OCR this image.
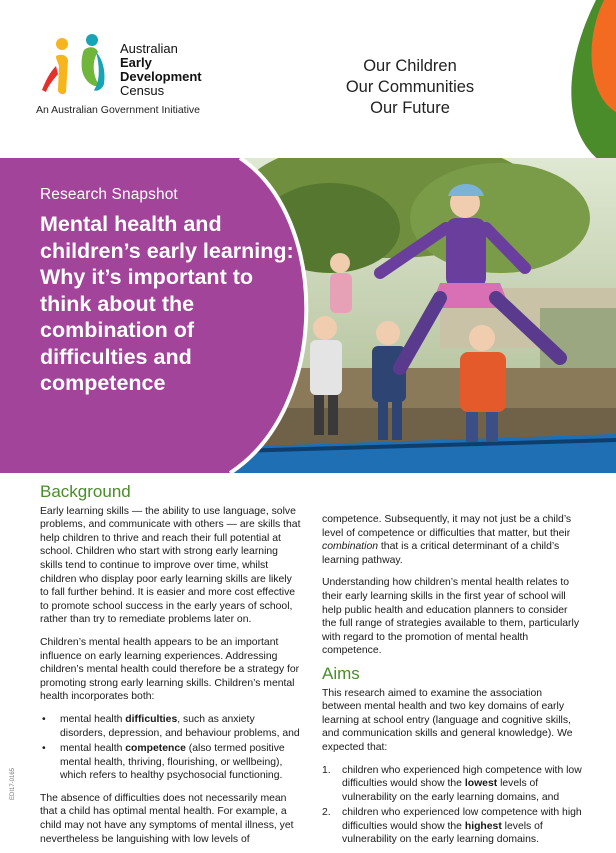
Australian
Early
Development
Census
An Australian Government Initiative
Our Children
Our Communities
Our Future
Research Snapshot
Mental health and children’s early learning: Why it’s important to think about the combination of difficulties and competence
Background

Early learning skills — the ability to use language, solve problems, and communicate with others — are skills that help children to thrive and reach their full potential at school. Children who start with strong early learning skills tend to continue to improve over time, whilst children who display poor early learning skills are likely to fall further behind. It is easier and more cost effective to promote school success in the early years of school, rather than try to remediate problems later on.

Children’s mental health appears to be an important influence on early learning experiences. Addressing children’s mental health could therefore be a strategy for promoting strong early learning skills. Children’s mental health incorporates both:

• mental health difficulties, such as anxiety disorders, depression, and behaviour problems, and
• mental health competence (also termed positive mental health, thriving, flourishing, or wellbeing), which refers to healthy psychosocial functioning.

The absence of difficulties does not necessarily mean that a child has optimal mental health. For example, a child may not have any symptoms of mental illness, yet nevertheless be languishing with low levels of

competence. Subsequently, it may not just be a child’s level of competence or difficulties that matter, but their combination that is a critical determinant of a child’s learning pathway.

Understanding how children’s mental health relates to their early learning skills in the first year of school will help public health and education planners to consider the full range of strategies available to them, particularly with regard to the promotion of mental health competence.

Aims

This research aimed to examine the association between mental health and two key domains of early learning at school entry (language and cognitive skills, and communication skills and general knowledge). We expected that:

1. children who experienced high competence with low difficulties would show the lowest levels of vulnerability on the early learning domains, and
2. children who experienced low competence with high difficulties would show the highest levels of vulnerability on the early learning domains.
EDI17-0165
